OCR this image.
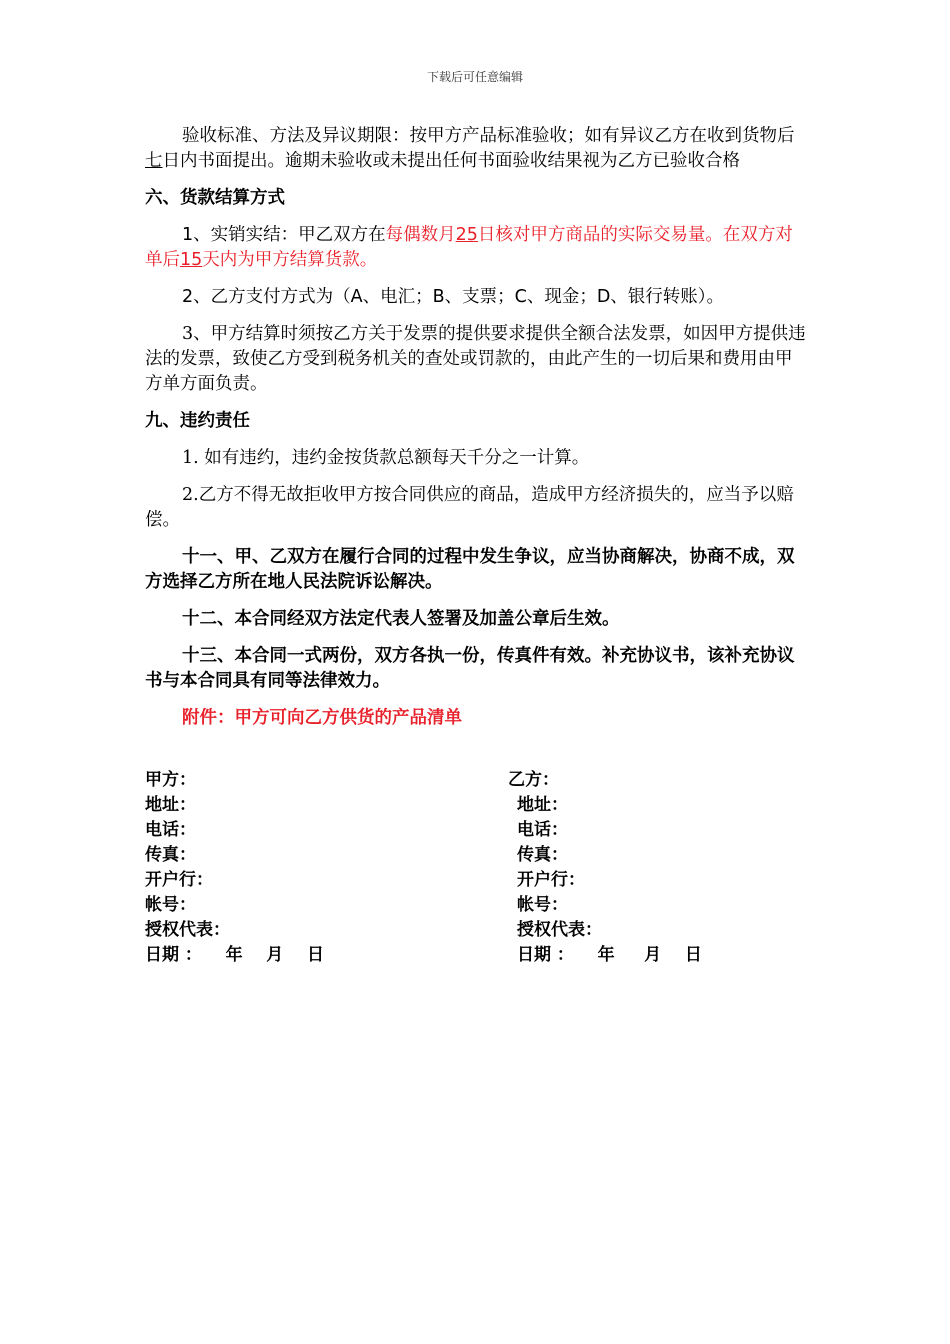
下载后可任意编辑

验收标准、方法及异议期限：按甲方产品标准验收；如有异议乙方在收到货物后七日内书面提出。逾期未验收或未提出任何书面验收结果视为乙方已验收合格

六、货款结算方式

1、实销实结：甲乙双方在每偶数月25日核对甲方商品的实际交易量。在双方对单后15天内为甲方结算货款。

2、乙方支付方式为（A、电汇；B、支票；C、现金；D、银行转账）。

3、甲方结算时须按乙方关于发票的提供要求提供全额合法发票，如因甲方提供违法的发票，致使乙方受到税务机关的查处或罚款的，由此产生的一切后果和费用由甲方单方面负责。

九、违约责任

1. 如有违约，违约金按货款总额每天千分之一计算。

2.乙方不得无故拒收甲方按合同供应的商品，造成甲方经济损失的，应当予以赔偿。

十一、甲、乙双方在履行合同的过程中发生争议，应当协商解决，协商不成，双方选择乙方所在地人民法院诉讼解决。

十二、本合同经双方法定代表人签署及加盖公章后生效。

十三、本合同一式两份，双方各执一份，传真件有效。补充协议书，该补充协议书与本合同具有同等法律效力。

附件：甲方可向乙方供货的产品清单

甲方：	乙方：
地址：	地址：
电话：	电话：
传真：	传真：
开户行：	开户行：
帐号：	帐号：
授权代表：	授权代表：
日期 ：    年    月    日	日期 ：    年     月    日
